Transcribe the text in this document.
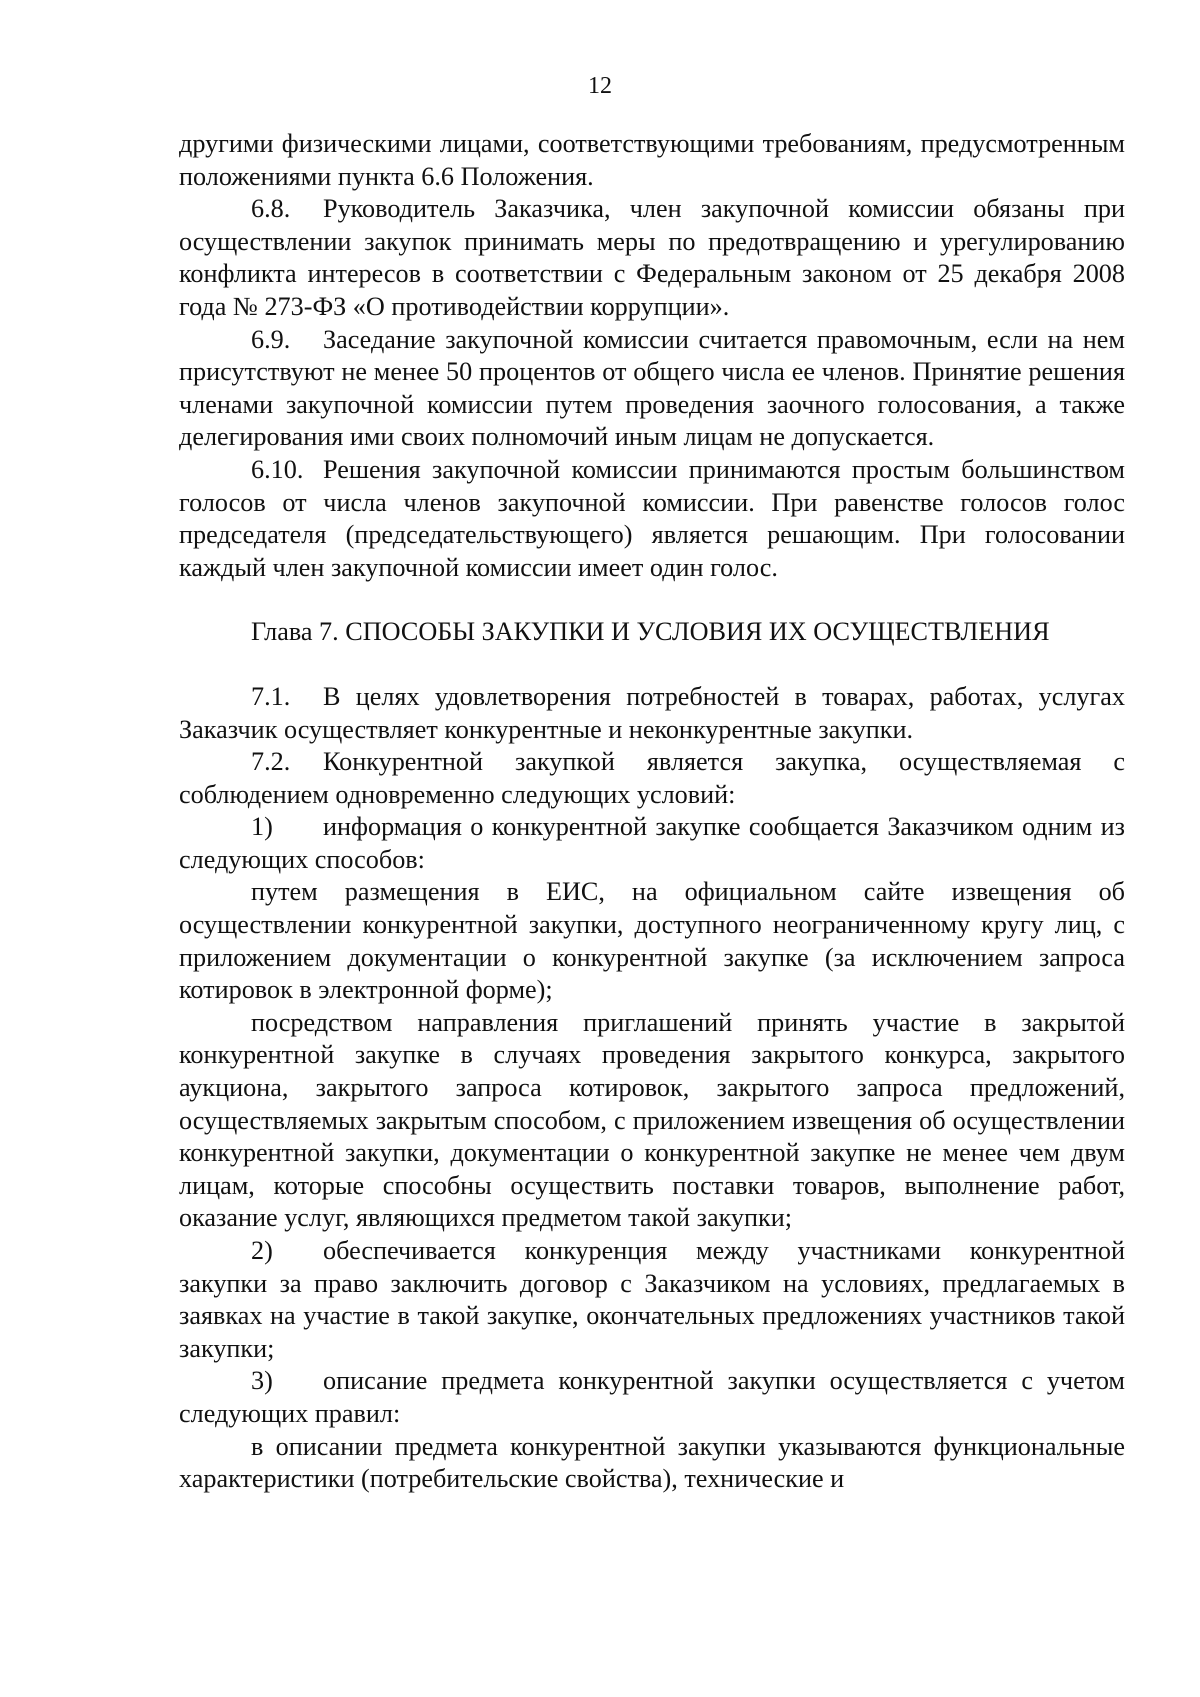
12

другими физическими лицами, соответствующими требованиям, предусмотренным положениями пункта 6.6 Положения.

6.8. Руководитель Заказчика, член закупочной комиссии обязаны при осуществлении закупок принимать меры по предотвращению и урегулированию конфликта интересов в соответствии с Федеральным законом от 25 декабря 2008 года № 273-ФЗ «О противодействии коррупции».

6.9. Заседание закупочной комиссии считается правомочным, если на нем присутствуют не менее 50 процентов от общего числа ее членов. Принятие решения членами закупочной комиссии путем проведения заочного голосования, а также делегирования ими своих полномочий иным лицам не допускается.

6.10. Решения закупочной комиссии принимаются простым большинством голосов от числа членов закупочной комиссии. При равенстве голосов голос председателя (председательствующего) является решающим. При голосовании каждый член закупочной комиссии имеет один голос.

Глава 7. СПОСОБЫ ЗАКУПКИ И УСЛОВИЯ ИХ ОСУЩЕСТВЛЕНИЯ

7.1. В целях удовлетворения потребностей в товарах, работах, услугах Заказчик осуществляет конкурентные и неконкурентные закупки.

7.2. Конкурентной закупкой является закупка, осуществляемая с соблюдением одновременно следующих условий:

1) информация о конкурентной закупке сообщается Заказчиком одним из следующих способов:

путем размещения в ЕИС, на официальном сайте извещения об осуществлении конкурентной закупки, доступного неограниченному кругу лиц, с приложением документации о конкурентной закупке (за исключением запроса котировок в электронной форме);

посредством направления приглашений принять участие в закрытой конкурентной закупке в случаях проведения закрытого конкурса, закрытого аукциона, закрытого запроса котировок, закрытого запроса предложений, осуществляемых закрытым способом, с приложением извещения об осуществлении конкурентной закупки, документации о конкурентной закупке не менее чем двум лицам, которые способны осуществить поставки товаров, выполнение работ, оказание услуг, являющихся предметом такой закупки;

2) обеспечивается конкуренция между участниками конкурентной закупки за право заключить договор с Заказчиком на условиях, предлагаемых в заявках на участие в такой закупке, окончательных предложениях участников такой закупки;

3) описание предмета конкурентной закупки осуществляется с учетом следующих правил:

в описании предмета конкурентной закупки указываются функциональные характеристики (потребительские свойства), технические и
